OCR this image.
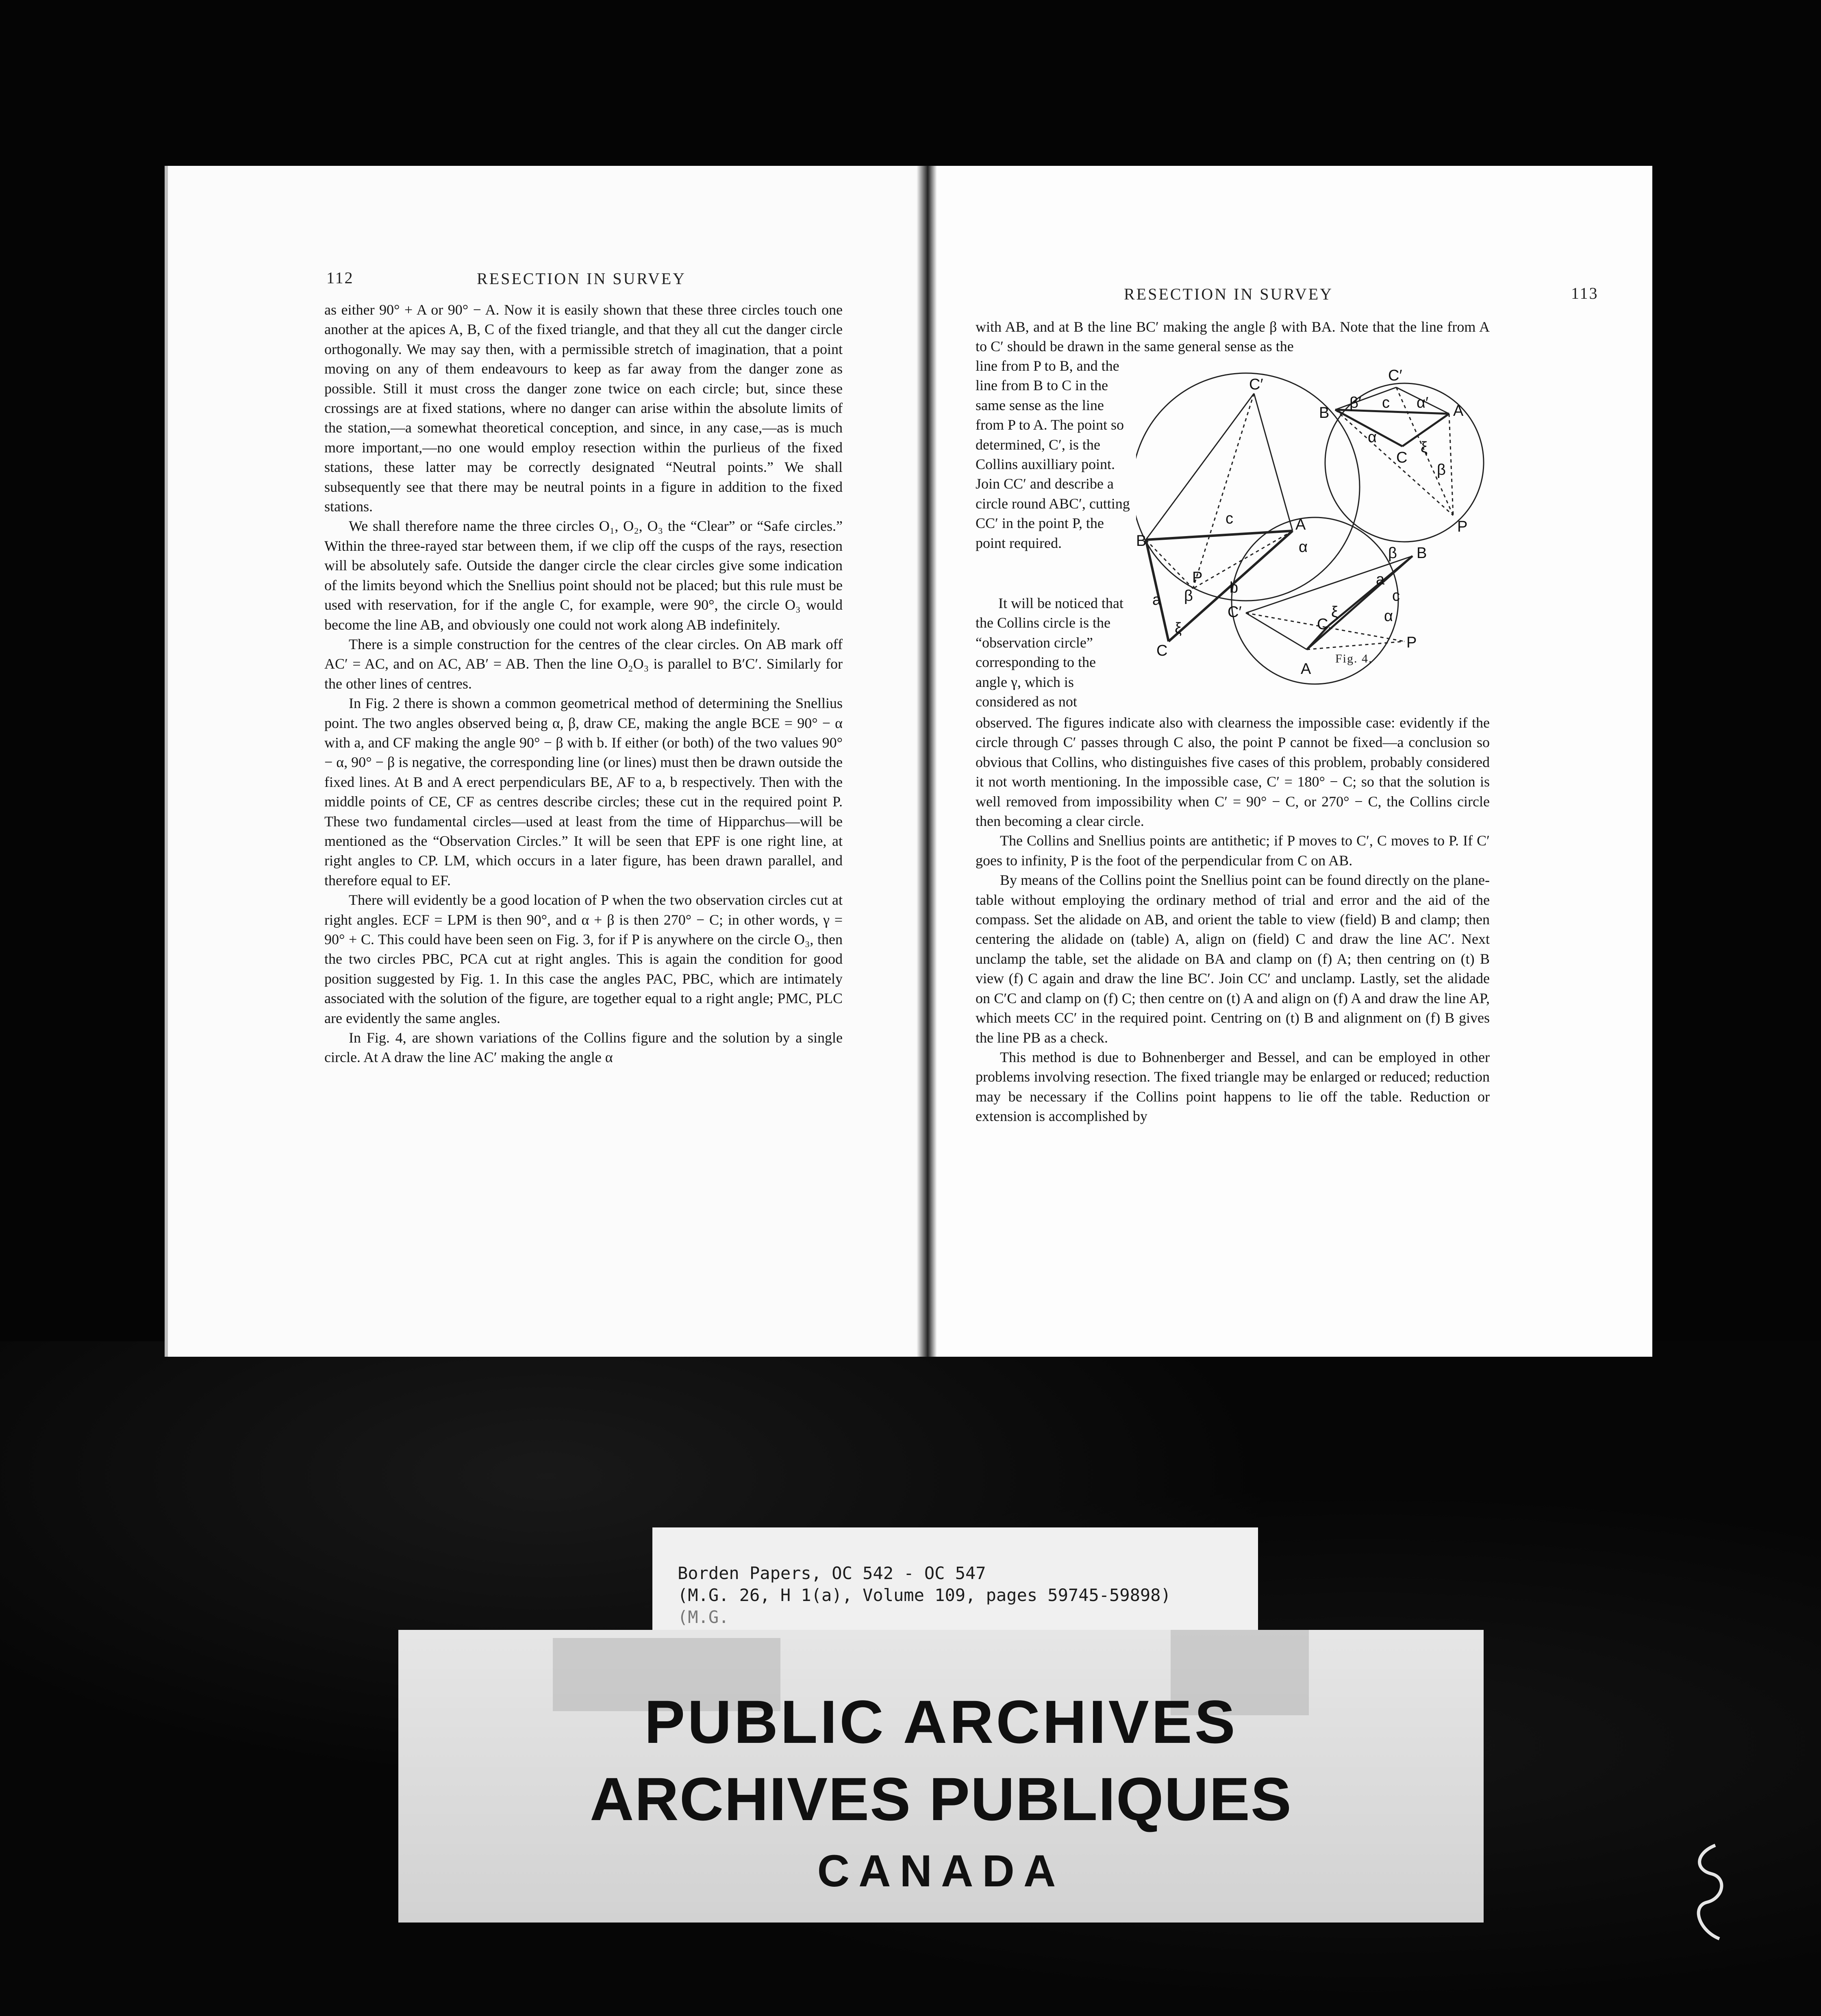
112	RESECTION IN SURVEY

as either 90° + A or 90° − A. Now it is easily shown that these three circles touch one another at the apices A, B, C of the fixed triangle, and that they all cut the danger circle orthogonally. We may say then, with a permissible stretch of imagination, that a point moving on any of them endeavours to keep as far away from the danger zone as possible. Still it must cross the danger zone twice on each circle; but, since these crossings are at fixed stations, where no danger can arise within the absolute limits of the station,—a somewhat theoretical conception, and since, in any case,—as is much more important,—no one would employ resection within the purlieus of the fixed stations, these latter may be correctly designated “Neutral points.” We shall subsequently see that there may be neutral points in a figure in addition to the fixed stations.

We shall therefore name the three circles O₁, O₂, O₃ the “Clear” or “Safe circles.” Within the three-rayed star between them, if we clip off the cusps of the rays, resection will be absolutely safe. Outside the danger circle the clear circles give some indication of the limits beyond which the Snellius point should not be placed; but this rule must be used with reservation, for if the angle C, for example, were 90°, the circle O₃ would become the line AB, and obviously one could not work along AB indefinitely.

There is a simple construction for the centres of the clear circles. On AB mark off AC′ = AC, and on AC, AB′ = AB. Then the line O₂O₃ is parallel to B′C′. Similarly for the other lines of centres.

In Fig. 2 there is shown a common geometrical method of determining the Snellius point. The two angles observed being α, β, draw CE, making the angle BCE = 90° − α with a, and CF making the angle 90° − β with b. If either (or both) of the two values 90° − α, 90° − β is negative, the corresponding line (or lines) must then be drawn outside the fixed lines. At B and A erect perpendiculars BE, AF to a, b respectively. Then with the middle points of CE, CF as centres describe circles; these cut in the required point P. These two fundamental circles—used at least from the time of Hipparchus—will be mentioned as the “Observation Circles.” It will be seen that EPF is one right line, at right angles to CP. LM, which occurs in a later figure, has been drawn parallel, and therefore equal to EF.

There will evidently be a good location of P when the two observation circles cut at right angles. ECF = LPM is then 90°, and α + β is then 270° − C; in other words, γ = 90° + C. This could have been seen on Fig. 3, for if P is anywhere on the circle O₃, then the two circles PBC, PCA cut at right angles. This is again the condition for good position suggested by Fig. 1. In this case the angles PAC, PBC, which are intimately associated with the solution of the figure, are together equal to a right angle; PMC, PLC are evidently the same angles.

In Fig. 4, are shown variations of the Collins figure and the solution by a single circle. At A draw the line AC′ making the angle α

RESECTION IN SURVEY	113
with AB, and at B the line BC′ making the angle β with BA. Note that the line from A to C′ should be drawn in the same general sense as the
line from P to B, and the line from B to C in the same sense as the line from P to A. The point so determined, C′, is the Collins auxilliary point. Join CC′ and describe a circle round ABC′, cutting CC′ in the point P, the point required.
It will be noticed that the Collins circle is the “observation circle” corresponding to the angle γ, which is considered as not
C′
B
A
C
P
β
α
a
b
c
ξ
C′
B	A
C
P
β′	α′
α
β
c
ξ
C′
B
A
C
P
β
α
a
c
ξ
Fig. 4.

observed. The figures indicate also with clearness the impossible case: evidently if the circle through C′ passes through C also, the point P cannot be fixed—a conclusion so obvious that Collins, who distinguishes five cases of this problem, probably considered it not worth mentioning. In the impossible case, C′ = 180° − C; so that the solution is well removed from impossibility when C′ = 90° − C, or 270° − C, the Collins circle then becoming a clear circle.

The Collins and Snellius points are antithetic; if P moves to C′, C moves to P. If C′ goes to infinity, P is the foot of the perpendicular from C on AB.

By means of the Collins point the Snellius point can be found directly on the plane-table without employing the ordinary method of trial and error and the aid of the compass. Set the alidade on AB, and orient the table to view (field) B and clamp; then centering the alidade on (table) A, align on (field) C and draw the line AC′. Next unclamp the table, set the alidade on BA and clamp on (f) A; then centring on (t) B view (f) C again and draw the line BC′. Join CC′ and unclamp. Lastly, set the alidade on C′C and clamp on (f) C; then centre on (t) A and align on (f) A and draw the line AP, which meets CC′ in the required point. Centring on (t) B and alignment on (f) B gives the line PB as a check.

This method is due to Bohnenberger and Bessel, and can be employed in other problems involving resection. The fixed triangle may be enlarged or reduced; reduction may be necessary if the Collins point happens to lie off the table. Reduction or extension is accomplished by

Borden Papers, OC 542 - OC 547
(M.G. 26, H 1(a), Volume 109, pages 59745-59898)
(M.G.
PUBLIC ARCHIVES
ARCHIVES PUBLIQUES
CANADA
